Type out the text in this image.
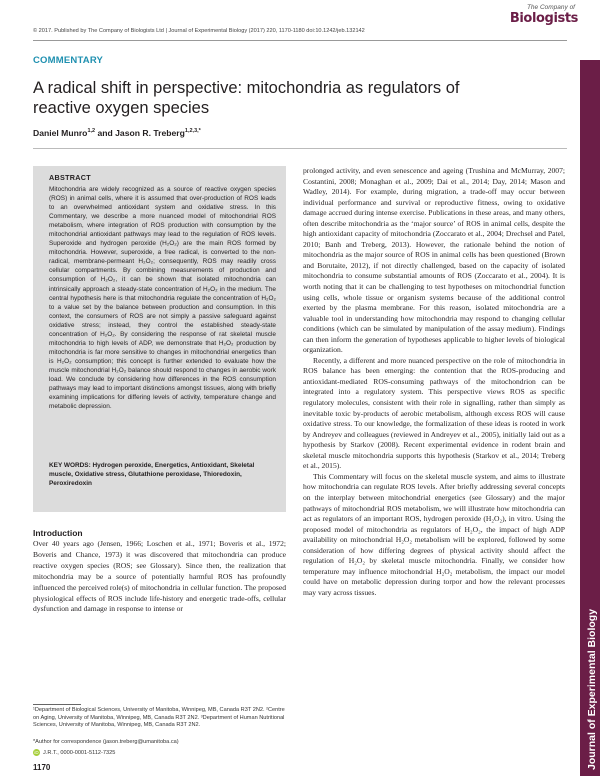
© 2017. Published by The Company of Biologists Ltd | Journal of Experimental Biology (2017) 220, 1170-1180 doi:10.1242/jeb.132142
The Company of
Biologists
COMMENTARY
A radical shift in perspective: mitochondria as regulators of reactive oxygen species
Daniel Munro$^{1,2}$ and Jason R. Treberg$^{1,2,3,*}$
ABSTRACT
Mitochondria are widely recognized as a source of reactive oxygen species (ROS) in animal cells, where it is assumed that over-production of ROS leads to an overwhelmed antioxidant system and oxidative stress. In this Commentary, we describe a more nuanced model of mitochondrial ROS metabolism, where integration of ROS production with consumption by the mitochondrial antioxidant pathways may lead to the regulation of ROS levels. Superoxide and hydrogen peroxide (H₂O₂) are the main ROS formed by mitochondria. However, superoxide, a free radical, is converted to the non-radical, membrane-permeant H₂O₂; consequently, ROS may readily cross cellular compartments. By combining measurements of production and consumption of H₂O₂, it can be shown that isolated mitochondria can intrinsically approach a steady-state concentration of H₂O₂ in the medium. The central hypothesis here is that mitochondria regulate the concentration of H₂O₂ to a value set by the balance between production and consumption. In this context, the consumers of ROS are not simply a passive safeguard against oxidative stress; instead, they control the established steady-state concentration of H₂O₂. By considering the response of rat skeletal muscle mitochondria to high levels of ADP, we demonstrate that H₂O₂ production by mitochondria is far more sensitive to changes in mitochondrial energetics than is H₂O₂ consumption; this concept is further extended to evaluate how the muscle mitochondrial H₂O₂ balance should respond to changes in aerobic work load. We conclude by considering how differences in the ROS consumption pathways may lead to important distinctions amongst tissues, along with briefly examining implications for differing levels of activity, temperature change and metabolic depression.
KEY WORDS: Hydrogen peroxide, Energetics, Antioxidant, Skeletal muscle, Oxidative stress, Glutathione peroxidase, Thioredoxin, Peroxiredoxin
Introduction
Over 40 years ago (Jensen, 1966; Loschen et al., 1971; Boveris et al., 1972; Boveris and Chance, 1973) it was discovered that mitochondria can produce reactive oxygen species (ROS; see Glossary). Since then, the realization that mitochondria may be a source of potentially harmful ROS has profoundly influenced the perceived role(s) of mitochondria in cellular function. The proposed physiological effects of ROS include life-history and energetic trade-offs, cellular dysfunction and damage in response to intense or
¹Department of Biological Sciences, University of Manitoba, Winnipeg, MB, Canada R3T 2N2. ²Centre on Aging, University of Manitoba, Winnipeg, MB, Canada R3T 2N2. ³Department of Human Nutritional Sciences, University of Manitoba, Winnipeg, MB, Canada R3T 2N2.
*Author for correspondence (jason.treberg@umanitoba.ca)
iD J.R.T., 0000-0001-5112-7325
1170

prolonged activity, and even senescence and ageing (Trushina and McMurray, 2007; Costantini, 2008; Monaghan et al., 2009; Dai et al., 2014; Day, 2014; Mason and Wadley, 2014). For example, during migration, a trade-off may occur between individual performance and survival or reproductive fitness, owing to oxidative damage accrued during intense exercise. Publications in these areas, and many others, often describe mitochondria as the ‘major source’ of ROS in animal cells, despite the high antioxidant capacity of mitochondria (Zoccarato et al., 2004; Drechsel and Patel, 2010; Banh and Treberg, 2013). However, the rationale behind the notion of mitochondria as the major source of ROS in animal cells has been questioned (Brown and Borutaite, 2012), if not directly challenged, based on the capacity of isolated mitochondria to consume substantial amounts of ROS (Zoccarato et al., 2004). It is worth noting that it can be challenging to test hypotheses on mitochondrial function using cells, whole tissue or organism systems because of the additional control exerted by the plasma membrane. For this reason, isolated mitochondria are a valuable tool in understanding how mitochondria may respond to changing cellular conditions (which can be simulated by manipulation of the assay medium). Findings can then inform the generation of hypotheses applicable to higher levels of biological organization.

Recently, a different and more nuanced perspective on the role of mitochondria in ROS balance has been emerging: the contention that the ROS-producing and antioxidant-mediated ROS-consuming pathways of the mitochondrion can be integrated into a regulatory system. This perspective views ROS as specific regulatory molecules, consistent with their role in signalling, rather than simply as inevitable toxic by-products of aerobic metabolism, although excess ROS will cause oxidative stress. To our knowledge, the formalization of these ideas is rooted in work by Andreyev and colleagues (reviewed in Andreyev et al., 2005), initially laid out as a hypothesis by Starkov (2008). Recent experimental evidence in rodent brain and skeletal muscle mitochondria supports this hypothesis (Starkov et al., 2014; Treberg et al., 2015).

This Commentary will focus on the skeletal muscle system, and aims to illustrate how mitochondria can regulate ROS levels. After briefly addressing several concepts on the interplay between mitochondrial energetics (see Glossary) and the major pathways of mitochondrial ROS metabolism, we will illustrate how mitochondria can act as regulators of an important ROS, hydrogen peroxide (H₂O₂), in vitro. Using the proposed model of mitochondria as regulators of H₂O₂, the impact of high ADP availability on mitochondrial H₂O₂ metabolism will be explored, followed by some consideration of how differing degrees of physical activity should affect the regulation of H₂O₂ by skeletal muscle mitochondria. Finally, we consider how temperature may influence mitochondrial H₂O₂ metabolism, the impact our model could have on metabolic depression during torpor and how the relevant processes may vary across tissues.

Journal of Experimental Biology
